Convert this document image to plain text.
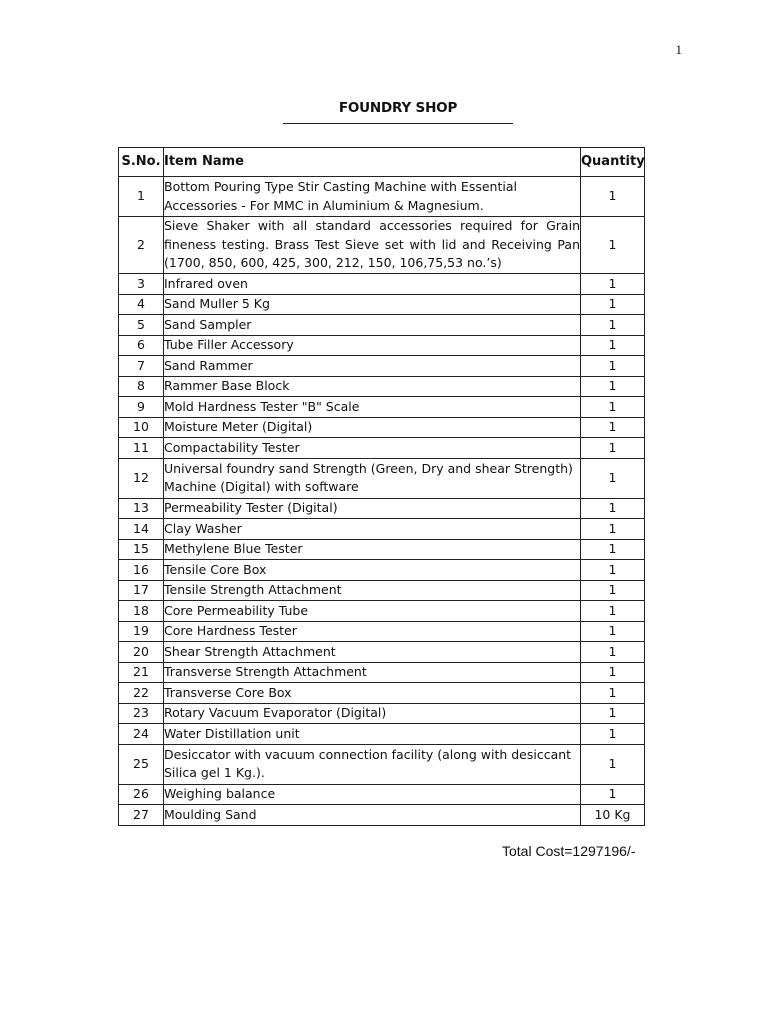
1
FOUNDRY SHOP
S.No.	Item Name	Quantity
1	Bottom Pouring Type Stir Casting Machine with Essential Accessories - For MMC in Aluminium & Magnesium.	1
2	Sieve Shaker with all standard accessories required for Grain fineness testing. Brass Test Sieve set with lid and Receiving Pan (1700, 850, 600, 425, 300, 212, 150, 106,75,53 no.’s)	1
3	Infrared oven	1
4	Sand Muller 5 Kg	1
5	Sand Sampler	1
6	Tube Filler Accessory	1
7	Sand Rammer	1
8	Rammer Base Block	1
9	Mold Hardness Tester "B" Scale	1
10	Moisture Meter (Digital)	1
11	Compactability Tester	1
12	Universal foundry sand Strength (Green, Dry and shear Strength) Machine (Digital) with software	1
13	Permeability Tester (Digital)	1
14	Clay Washer	1
15	Methylene Blue Tester	1
16	Tensile Core Box	1
17	Tensile Strength Attachment	1
18	Core Permeability Tube	1
19	Core Hardness Tester	1
20	Shear Strength Attachment	1
21	Transverse Strength Attachment	1
22	Transverse Core Box	1
23	Rotary Vacuum Evaporator (Digital)	1
24	Water Distillation unit	1
25	Desiccator with vacuum connection facility (along with desiccant Silica gel 1 Kg.).	1
26	Weighing balance	1
27	Moulding Sand	10 Kg
Total Cost=1297196/-
